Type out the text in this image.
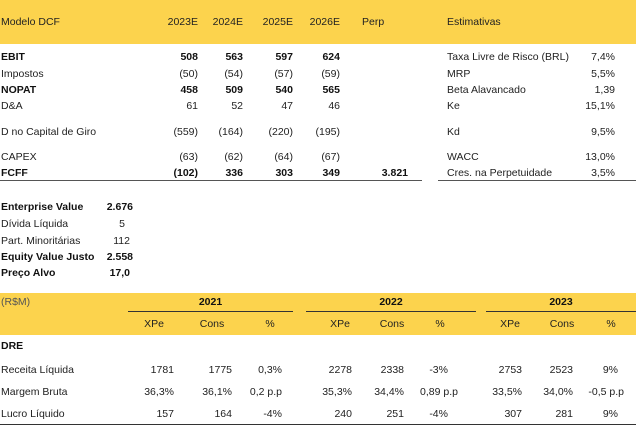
Modelo DCF	2023E	2024E	2025E	2026E Perp	Estimativas
EBIT	508	563	597	624
Impostos	(50)	(54)	(57)	(59)
NOPAT	458	509	540	565
D&A	61	52	47	46
D no Capital de Giro	(559)	(164)	(220)	(195)
CAPEX	(63)	(62)	(64)	(67)
FCFF	(102)	336	303	349	3.821
Taxa Livre de Risco (BRL)	7,4%
MRP	5,5%
Beta Alavancado	1,39
Ke	15,1%
Kd	9,5%
WACC	13,0%
Cres. na Perpetuidade	3,5%
Enterprise Value	2.676
Dívida Líquida	5
Part. Minoritárias	112
Equity Value Justo	2.558
Preço Alvo	17,0
(R$M)	2021	2022	2023
XPe	Cons	%	XPe	Cons	%	XPe	Cons	%
DRE
Receita Líquida	1781	1775	0,3%	2278	2338	-3%	2753	2523	9%
Margem Bruta	36,3%	36,1%	0,2 p.p	35,3%	34,4%	0,89 p.p	33,5%	34,0%	-0,5 p.p
Lucro Líquido	157	164	-4%	240	251	-4%	307	281	9%
